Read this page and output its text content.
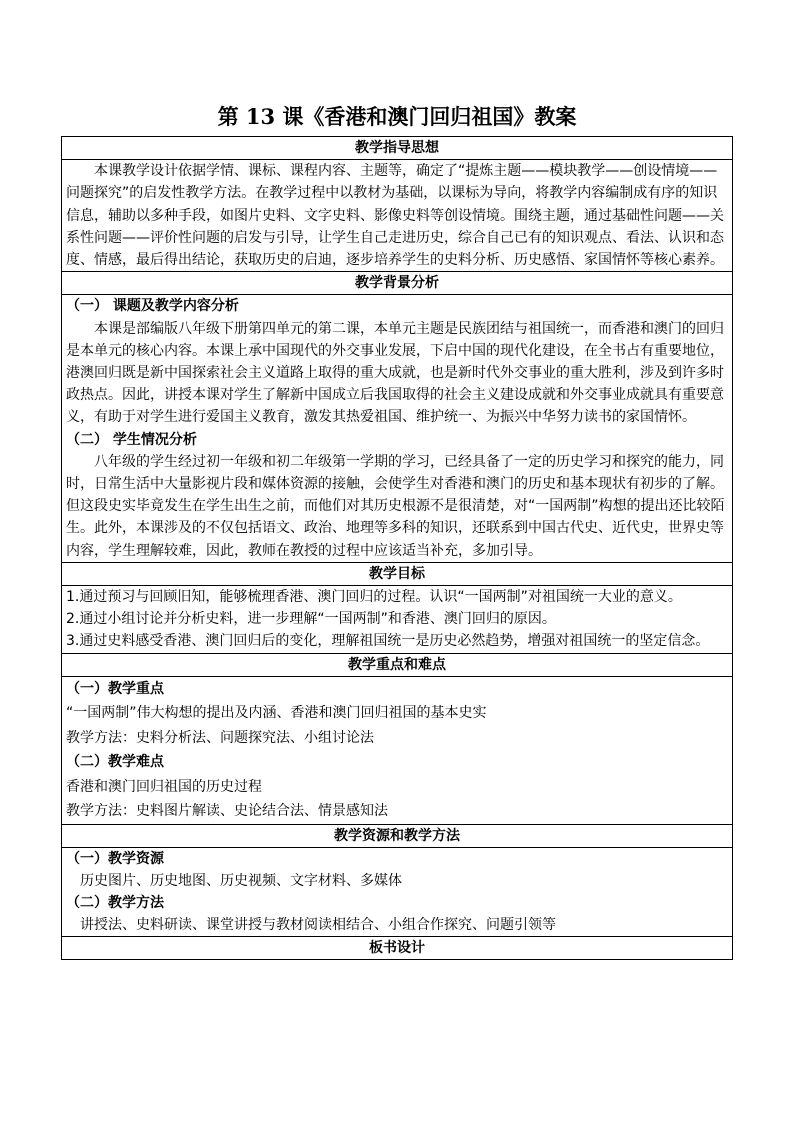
第 13 课《香港和澳门回归祖国》教案
教学指导思想

本课教学设计依据学情、课标、课程内容、主题等，确定了“提炼主题——模块教学——创设情境——问题探究”的启发性教学方法。在教学过程中以教材为基础，以课标为导向，将教学内容编制成有序的知识信息，辅助以多种手段，如图片史料、文字史料、影像史料等创设情境。围绕主题，通过基础性问题——关系性问题——评价性问题的启发与引导，让学生自己走进历史，综合自己已有的知识观点、看法、认识和态度、情感，最后得出结论，获取历史的启迪，逐步培养学生的史料分析、历史感悟、家国情怀等核心素养。

教学背景分析

（一） 课题及教学内容分析

本课是部编版八年级下册第四单元的第二课，本单元主题是民族团结与祖国统一，而香港和澳门的回归是本单元的核心内容。本课上承中国现代的外交事业发展，下启中国的现代化建设，在全书占有重要地位，港澳回归既是新中国探索社会主义道路上取得的重大成就，也是新时代外交事业的重大胜利，涉及到许多时政热点。因此，讲授本课对学生了解新中国成立后我国取得的社会主义建设成就和外交事业成就具有重要意义，有助于对学生进行爱国主义教育，激发其热爱祖国、维护统一、为振兴中华努力读书的家国情怀。

（二） 学生情况分析

八年级的学生经过初一年级和初二年级第一学期的学习，已经具备了一定的历史学习和探究的能力，同时，日常生活中大量影视片段和媒体资源的接触，会使学生对香港和澳门的历史和基本现状有初步的了解。但这段史实毕竟发生在学生出生之前，而他们对其历史根源不是很清楚，对“一国两制”构想的提出还比较陌生。此外，本课涉及的不仅包括语文、政治、地理等多科的知识，还联系到中国古代史、近代史，世界史等内容，学生理解较难，因此，教师在教授的过程中应该适当补充，多加引导。

教学目标

1.通过预习与回顾旧知，能够梳理香港、澳门回归的过程。认识“一国两制”对祖国统一大业的意义。

2.通过小组讨论并分析史料，进一步理解“一国两制”和香港、澳门回归的原因。

3.通过史料感受香港、澳门回归后的变化，理解祖国统一是历史必然趋势，增强对祖国统一的坚定信念。

教学重点和难点

（一）教学重点

“一国两制”伟大构想的提出及内涵、香港和澳门回归祖国的基本史实

教学方法：史料分析法、问题探究法、小组讨论法

（二）教学难点

香港和澳门回归祖国的历史过程

教学方法：史料图片解读、史论结合法、情景感知法

教学资源和教学方法

（一）教学资源

历史图片、历史地图、历史视频、文字材料、多媒体

（二）教学方法

讲授法、史料研读、课堂讲授与教材阅读相结合、小组合作探究、问题引领等

板书设计
